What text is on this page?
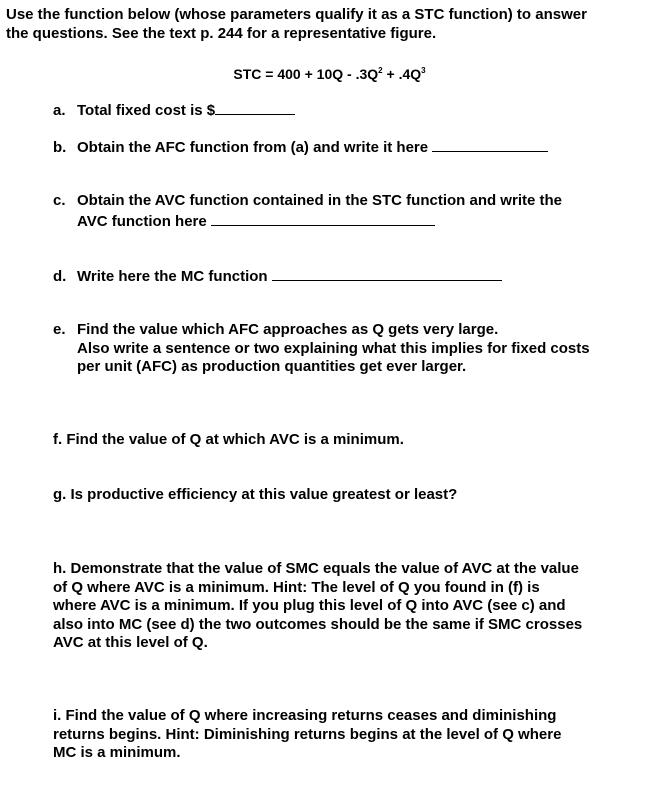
Use the function below (whose parameters qualify it as a STC function) to answer
the questions. See the text p. 244 for a representative figure.
STC = $400 + 10Q - .3Q^2 + .4Q^3$
a. Total fixed cost is $
b. Obtain the AFC function from (a) and write it here
c. Obtain the AVC function contained in the STC function and write the
AVC function here
d. Write here the MC function
e. Find the value which AFC approaches as Q gets very large.
Also write a sentence or two explaining what this implies for fixed costs
per unit (AFC) as production quantities get ever larger.
f. Find the value of Q at which AVC is a minimum.
g. Is productive efficiency at this value greatest or least?
h. Demonstrate that the value of SMC equals the value of AVC at the value
of Q where AVC is a minimum. Hint: The level of Q you found in (f) is
where AVC is a minimum. If you plug this level of Q into AVC (see c) and
also into MC (see d) the two outcomes should be the same if SMC crosses
AVC at this level of Q.
i. Find the value of Q where increasing returns ceases and diminishing
returns begins. Hint: Diminishing returns begins at the level of Q where
MC is a minimum.
